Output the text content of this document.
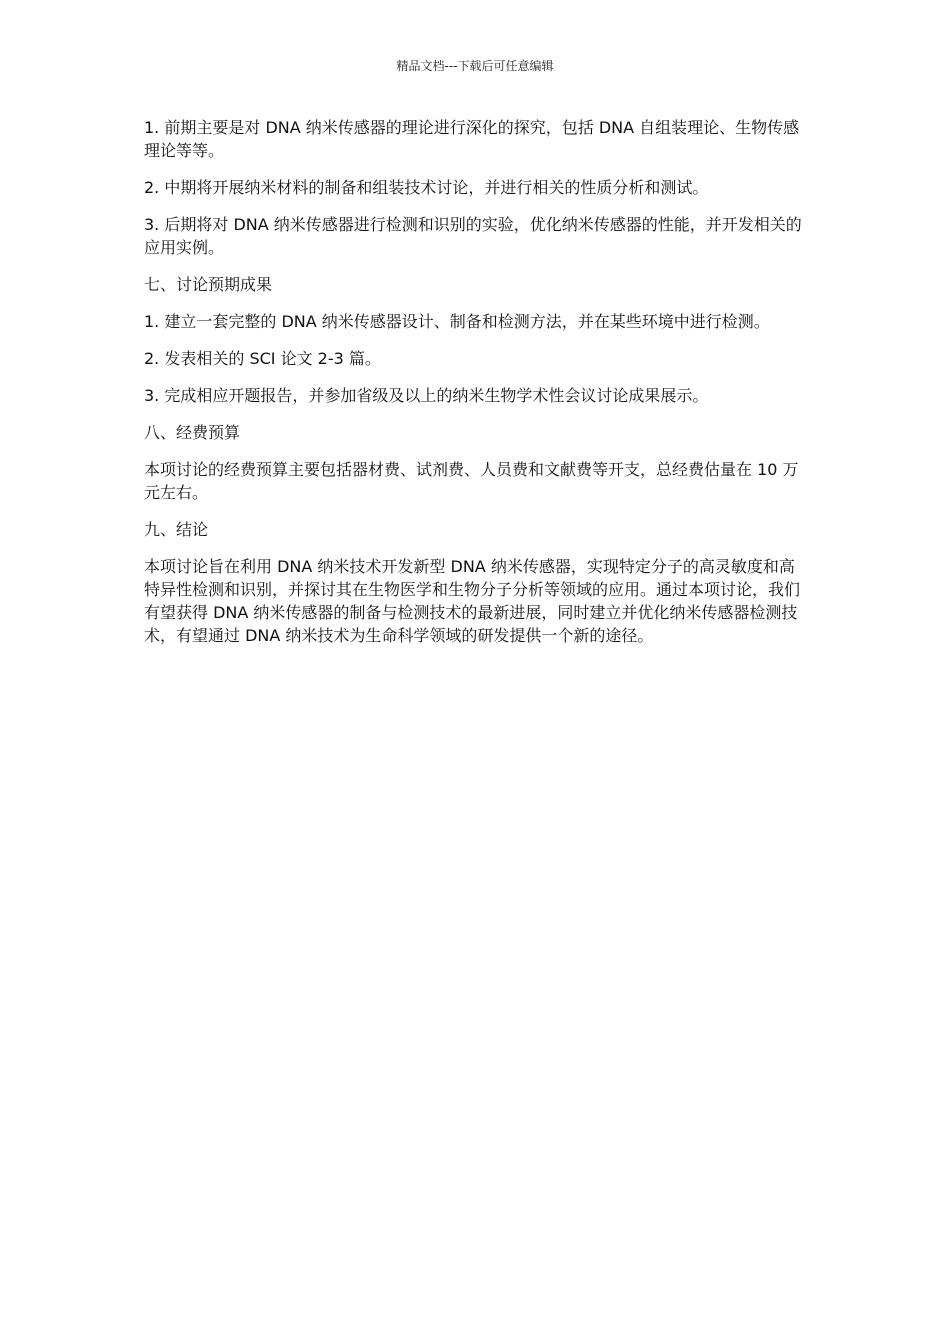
精品文档---下载后可任意编辑

1. 前期主要是对 DNA 纳米传感器的理论进行深化的探究，包括 DNA 自组装理论、生物传感理论等等。

2. 中期将开展纳米材料的制备和组装技术讨论，并进行相关的性质分析和测试。

3. 后期将对 DNA 纳米传感器进行检测和识别的实验，优化纳米传感器的性能，并开发相关的应用实例。

七、讨论预期成果

1. 建立一套完整的 DNA 纳米传感器设计、制备和检测方法，并在某些环境中进行检测。

2. 发表相关的 SCI 论文 2-3 篇。

3. 完成相应开题报告，并参加省级及以上的纳米生物学术性会议讨论成果展示。

八、经费预算

本项讨论的经费预算主要包括器材费、试剂费、人员费和文献费等开支，总经费估量在 10 万元左右。

九、结论

本项讨论旨在利用 DNA 纳米技术开发新型 DNA 纳米传感器，实现特定分子的高灵敏度和高特异性检测和识别，并探讨其在生物医学和生物分子分析等领域的应用。通过本项讨论，我们有望获得 DNA 纳米传感器的制备与检测技术的最新进展，同时建立并优化纳米传感器检测技术，有望通过 DNA 纳米技术为生命科学领域的研发提供一个新的途径。
